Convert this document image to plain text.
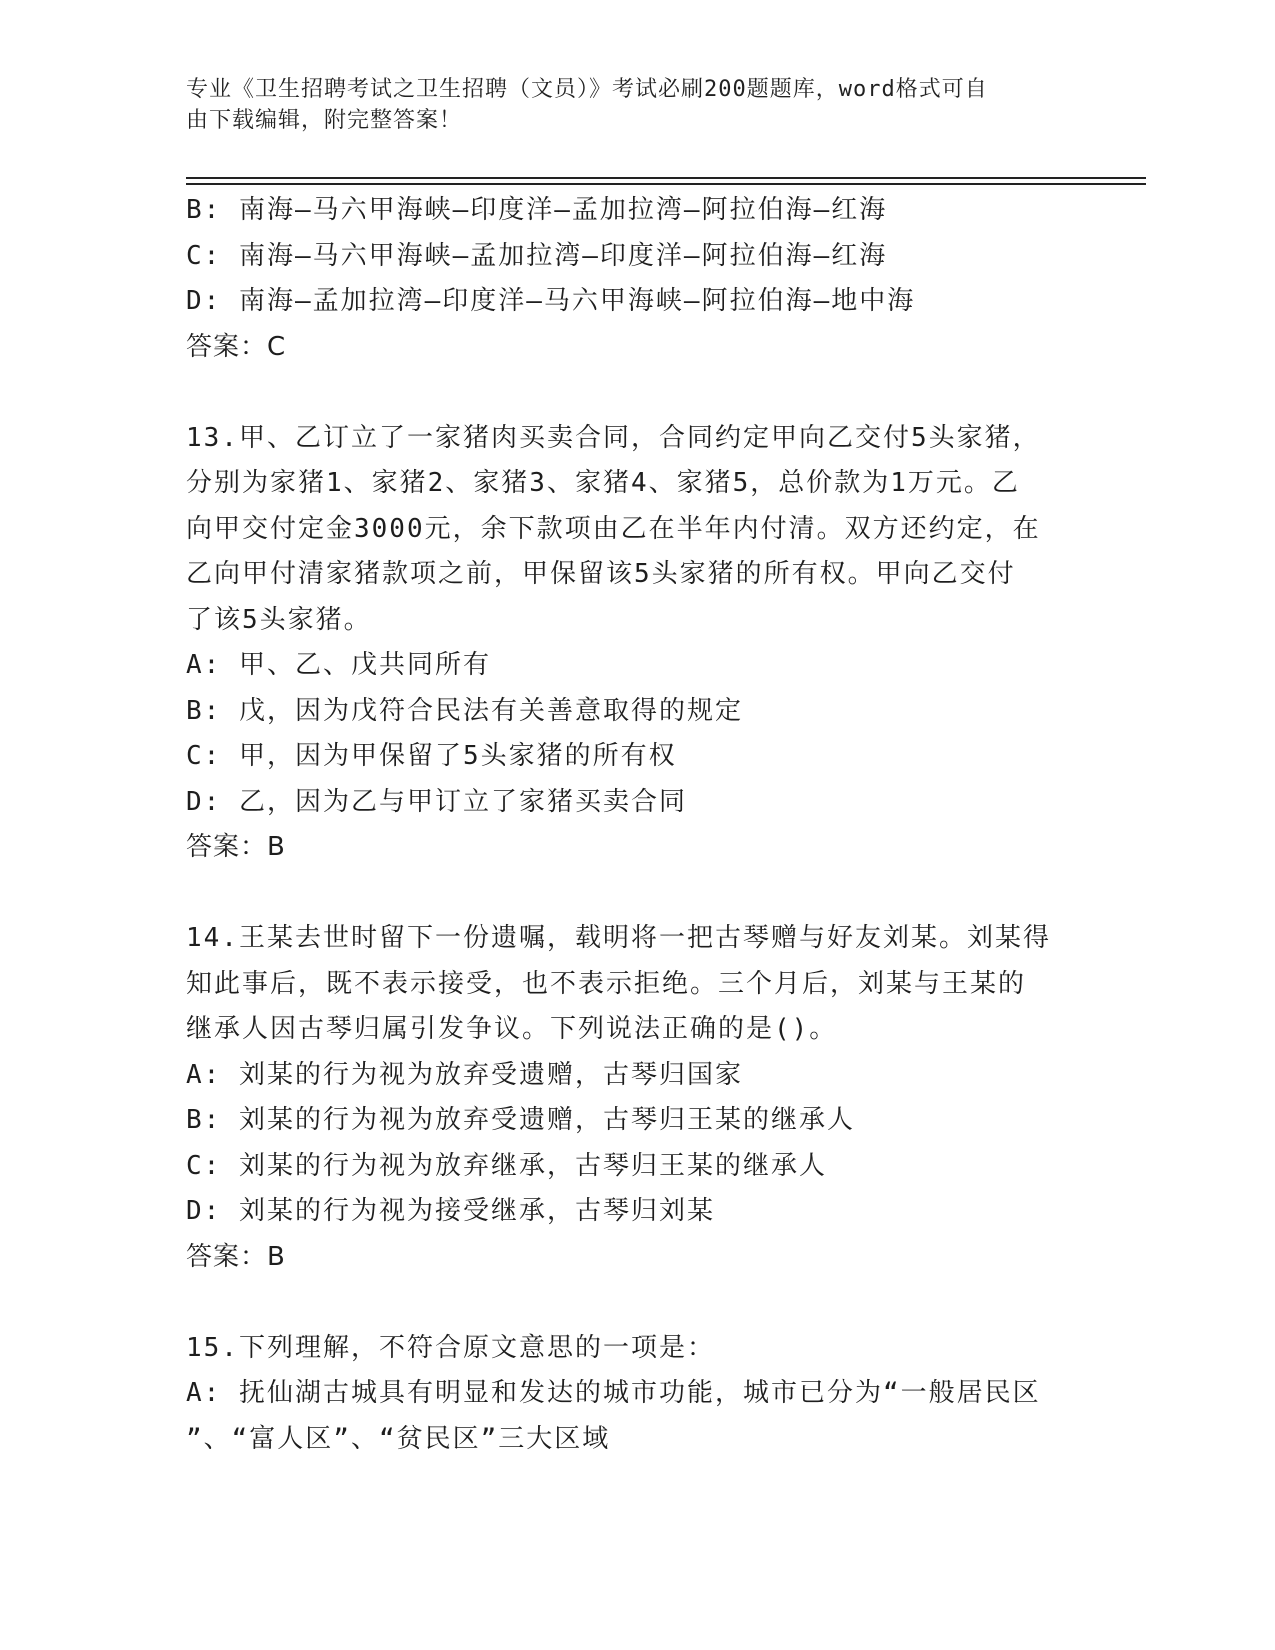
专业《卫生招聘考试之卫生招聘（文员）》考试必刷200题题库，word格式可自
由下载编辑，附完整答案！

B: 南海—马六甲海峡—印度洋—孟加拉湾—阿拉伯海—红海

C: 南海—马六甲海峡—孟加拉湾—印度洋—阿拉伯海—红海

D: 南海—孟加拉湾—印度洋—马六甲海峡—阿拉伯海—地中海

答案：C

13.甲、乙订立了一家猪肉买卖合同，合同约定甲向乙交付5头家猪，

分别为家猪1、家猪2、家猪3、家猪4、家猪5，总价款为1万元。乙

向甲交付定金3000元，余下款项由乙在半年内付清。双方还约定，在

乙向甲付清家猪款项之前，甲保留该5头家猪的所有权。甲向乙交付

了该5头家猪。

A: 甲、乙、戊共同所有

B: 戊，因为戊符合民法有关善意取得的规定

C: 甲，因为甲保留了5头家猪的所有权

D: 乙，因为乙与甲订立了家猪买卖合同

答案：B

14.王某去世时留下一份遗嘱，载明将一把古琴赠与好友刘某。刘某得

知此事后，既不表示接受，也不表示拒绝。三个月后，刘某与王某的

继承人因古琴归属引发争议。下列说法正确的是()。

A: 刘某的行为视为放弃受遗赠，古琴归国家

B: 刘某的行为视为放弃受遗赠，古琴归王某的继承人

C: 刘某的行为视为放弃继承，古琴归王某的继承人

D: 刘某的行为视为接受继承，古琴归刘某

答案：B

15.下列理解，不符合原文意思的一项是：

A: 抚仙湖古城具有明显和发达的城市功能，城市已分为“一般居民区

”、“富人区”、“贫民区”三大区域
